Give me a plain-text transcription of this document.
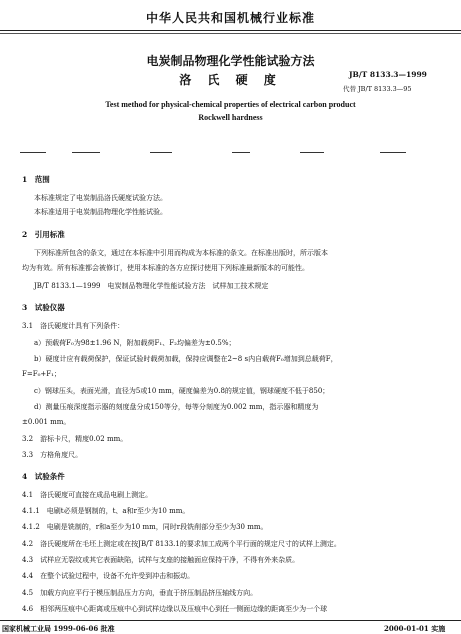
中华人民共和国机械行业标准
电炭制品物理化学性能试验方法
洛 氏 硬 度	JB/T 8133.3—1999
代替 JB/T 8133.3—95
Test method for physical-chemical properties of electrical carbon product
Rockwell hardness
1　范围
本标准规定了电炭制品洛氏硬度试验方法。
本标准适用于电炭制品物理化学性能试验。
2　引用标准
下列标准所包含的条文，通过在本标准中引用而构成为本标准的条文。在标准出版时，所示版本
均为有效。所有标准都会被修订，使用本标准的各方应探讨使用下列标准最新版本的可能性。
JB/T 8133.1—1999　电炭制品物理化学性能试验方法　试样加工技术规定
3　试验仪器
3.1　洛氏硬度计具有下列条件：
a）预载荷F₀为98±1.96 N，附加载荷F₁、F₂均偏差为±0.5%；
b）硬度计应有载荷保护，保证试验时载荷加载，保持应调整在2~8 s内自载荷F₀增加到总载荷F，
F=F₀+F₁；
c）钢球压头，表面光滑，直径为5或10 mm，硬度偏差为0.8的规定值，钢球硬度不低于850；
d）测量压痕深度指示器的刻度盘分成150等分，每等分刻度为0.002 mm，指示器和精度为
±0.001 mm。
3.2　游标卡尺，精度0.02 mm。
3.3　方格角度尺。
4　试验条件
4.1　洛氏硬度可直接在成品电刷上测定。
4.1.1　电刷t必须是钢制的，t、a和r至少为10 mm。
4.1.2　电刷是铣制的，r和a至少为10 mm，同时r段铣削部分至少为30 mm。
4.2　洛氏硬度所在毛坯上测定或在按JB/T 8133.1的要求加工成两个平行面的规定尺寸的试样上测定。
4.3　试样应无裂纹或其它表面缺陷，试样与支座的接触面应保持干净，不得有外来杂质。
4.4　在整个试验过程中，设备不允许受到冲击和振动。
4.5　加载方向应平行于模压制品压力方向，垂直于挤压制品挤压轴线方向。
4.6　相邻两压痕中心距离或压痕中心到试样边缘以及压痕中心到任一侧面边缘的距离至少为一个球
国家机械工业局 1999-06-06 批准	2000-01-01 实施
